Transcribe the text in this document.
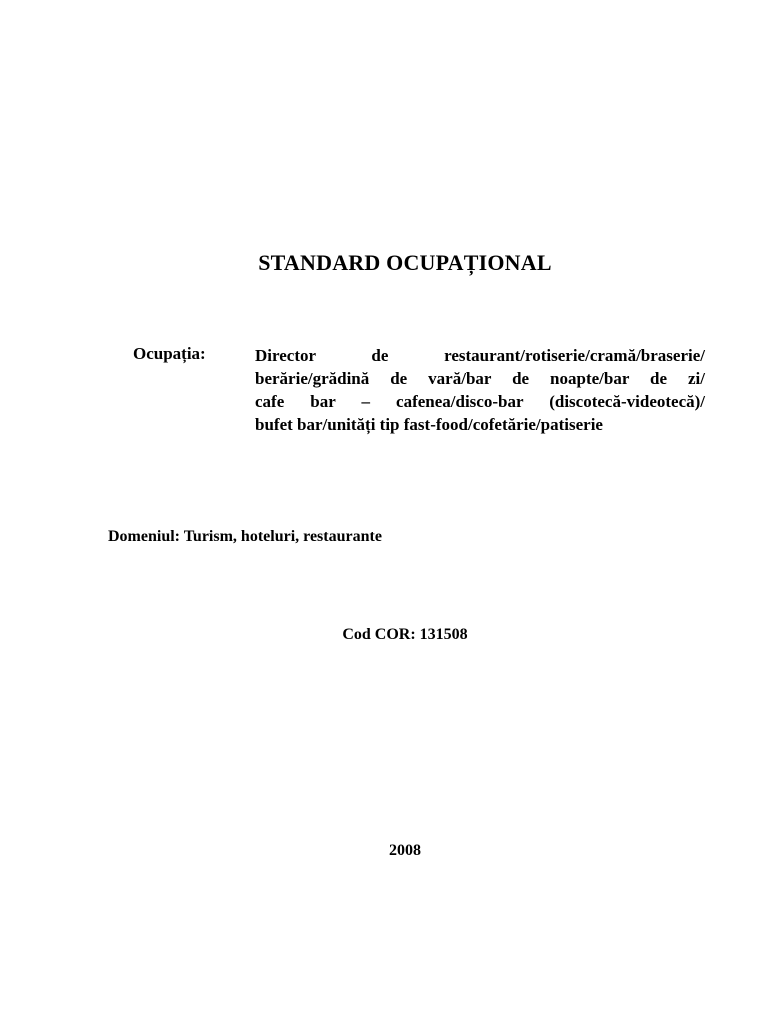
STANDARD OCUPAȚIONAL
Ocupația:	Director de restaurant/rotiserie/cramă/braserie/
berărie/grădină de vară/bar de noapte/bar de zi/
cafe bar – cafenea/disco-bar (discotecă-videotecă)/
bufet bar/unități tip fast-food/cofetărie/patiserie
Domeniul: Turism, hoteluri, restaurante
Cod COR: 131508
2008
